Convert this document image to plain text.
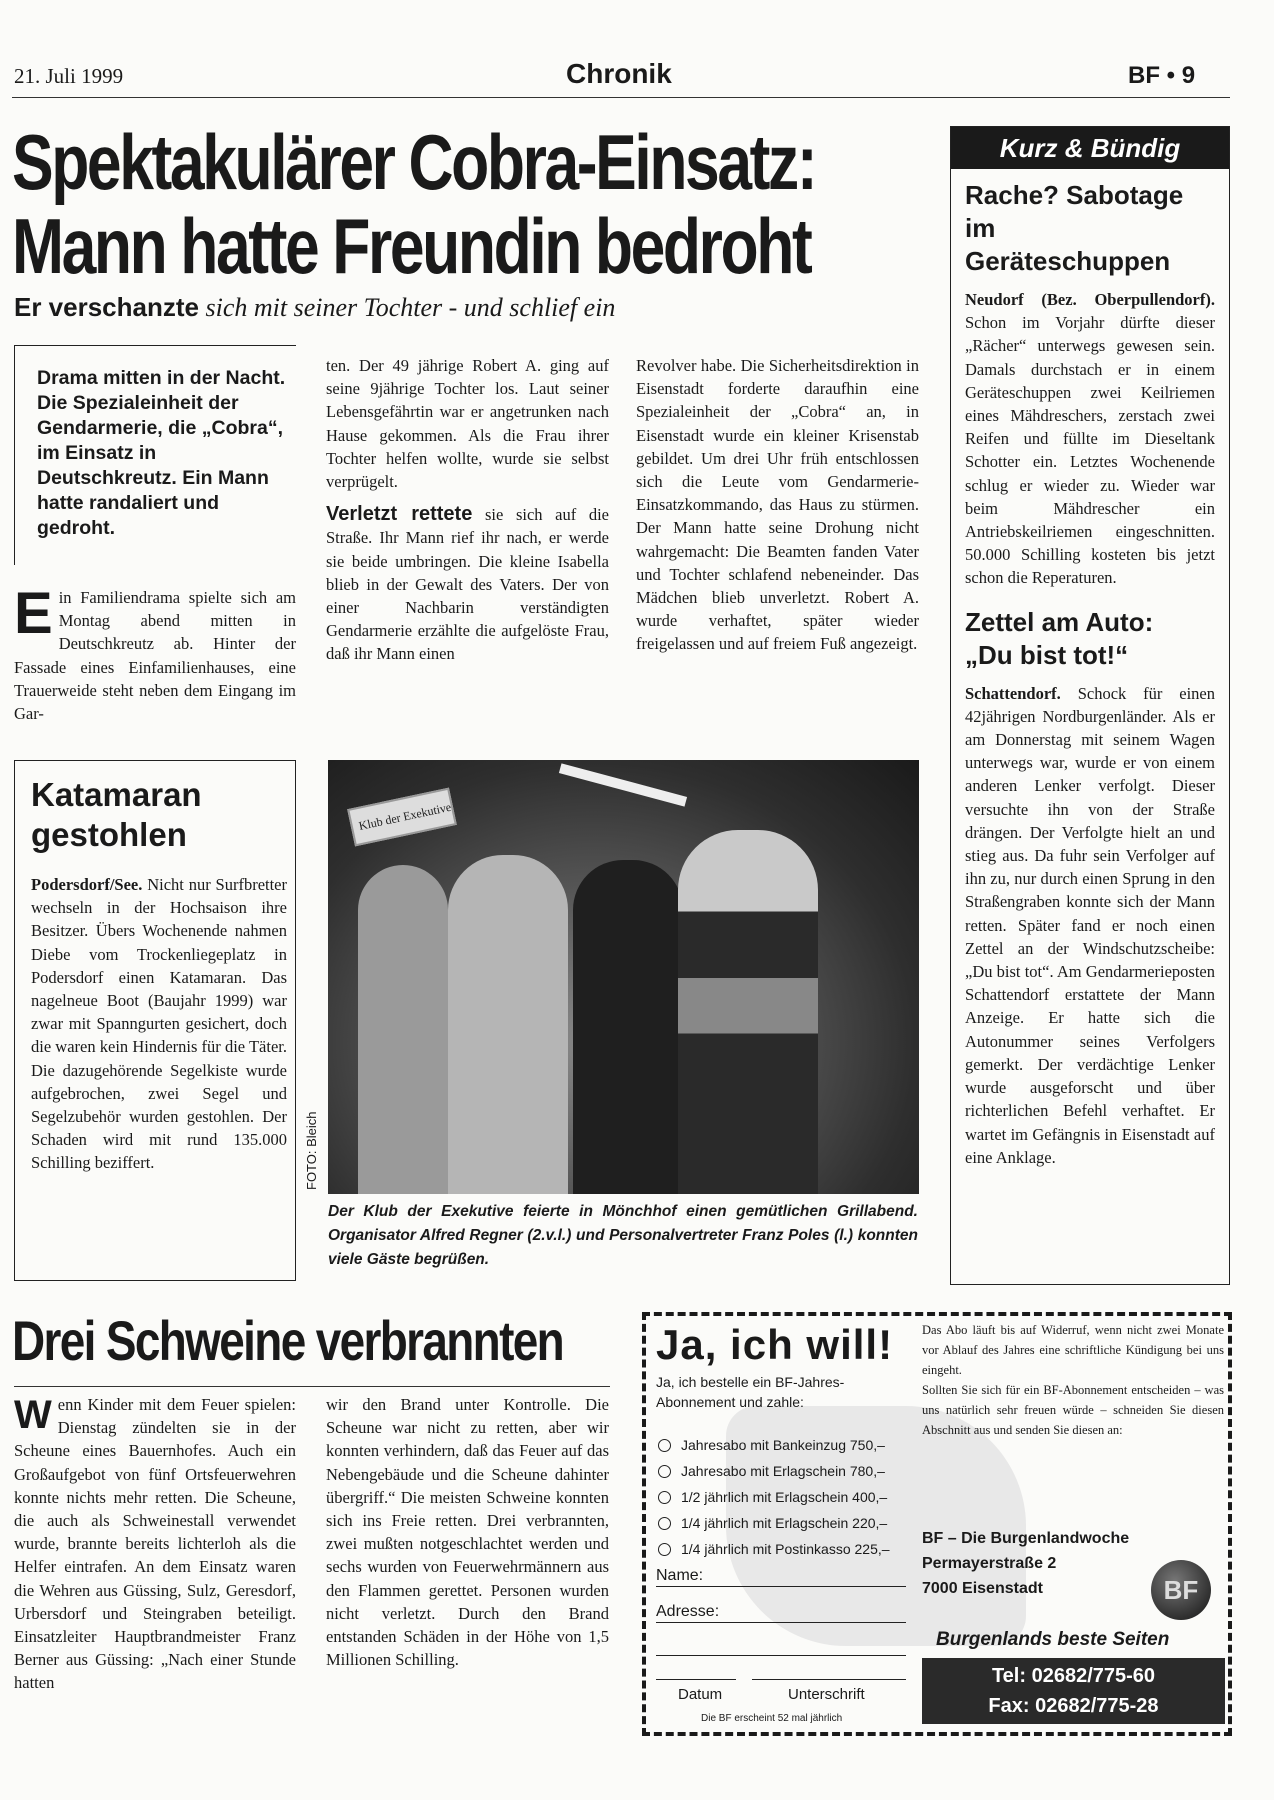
21. Juli 1999	Chronik	BF • 9
Spektakulärer Cobra-Einsatz:
Mann hatte Freundin bedroht
Er verschanzte sich mit seiner Tochter - und schlief ein
Drama mitten in der Nacht. Die Spezialeinheit der Gendarmerie, die „Cobra“, im Einsatz in Deutschkreutz. Ein Mann hatte randaliert und gedroht.
Ein Familiendrama spielte sich am Montag abend mitten in Deutschkreutz ab. Hinter der Fassade eines Einfamilienhauses, eine Trauerweide steht neben dem Eingang im Gar-

ten. Der 49 jährige Robert A. ging auf seine 9jährige Tochter los. Laut seiner Lebensgefährtin war er angetrunken nach Hause gekommen. Als die Frau ihrer Tochter helfen wollte, wurde sie selbst verprügelt.

Verletzt rettete sie sich auf die Straße. Ihr Mann rief ihr nach, er werde sie beide umbringen. Die kleine Isabella blieb in der Gewalt des Vaters. Der von einer Nachbarin verständigten Gendarmerie erzählte die aufgelöste Frau, daß ihr Mann einen

Revolver habe. Die Sicherheitsdirektion in Eisenstadt forderte daraufhin eine Spezialeinheit der „Cobra“ an, in Eisenstadt wurde ein kleiner Krisenstab gebildet. Um drei Uhr früh entschlossen sich die Leute vom Gendarmerie-Einsatzkommando, das Haus zu stürmen. Der Mann hatte seine Drohung nicht wahrgemacht: Die Beamten fanden Vater und Tochter schlafend nebeneinder. Das Mädchen blieb unverletzt. Robert A. wurde verhaftet, später wieder freigelassen und auf freiem Fuß angezeigt.

Klub der Exekutive
FOTO: Bleich
Der Klub der Exekutive feierte in Mönchhof einen gemütlichen Grillabend. Organisator Alfred Regner (2.v.l.) und Personalvertreter Franz Poles (l.) konnten viele Gäste begrüßen.
Katamaran gestohlen
Podersdorf/See. Nicht nur Surfbretter wechseln in der Hochsaison ihre Besitzer. Übers Wochenende nahmen Diebe vom Trockenliegeplatz in Podersdorf einen Katamaran. Das nagelneue Boot (Baujahr 1999) war zwar mit Spanngurten gesichert, doch die waren kein Hindernis für die Täter. Die dazugehörende Segelkiste wurde aufgebrochen, zwei Segel und Segelzubehör wurden gestohlen. Der Schaden wird mit rund 135.000 Schilling beziffert.
Kurz & Bündig
Rache? Sabotage im Geräteschuppen
Neudorf (Bez. Oberpullendorf). Schon im Vorjahr dürfte dieser „Rächer“ unterwegs gewesen sein. Damals durchstach er in einem Geräteschuppen zwei Keilriemen eines Mähdreschers, zerstach zwei Reifen und füllte im Dieseltank Schotter ein. Letztes Wochenende schlug er wieder zu. Wieder war beim Mähdrescher ein Antriebskeilriemen eingeschnitten. 50.000 Schilling kosteten bis jetzt schon die Reperaturen.
Zettel am Auto: „Du bist tot!“
Schattendorf. Schock für einen 42jährigen Nordburgenländer. Als er am Donnerstag mit seinem Wagen unterwegs war, wurde er von einem anderen Lenker verfolgt. Dieser versuchte ihn von der Straße drängen. Der Verfolgte hielt an und stieg aus. Da fuhr sein Verfolger auf ihn zu, nur durch einen Sprung in den Straßengraben konnte sich der Mann retten. Später fand er noch einen Zettel an der Windschutzscheibe: „Du bist tot“. Am Gendarmerieposten Schattendorf erstattete der Mann Anzeige. Er hatte sich die Autonummer seines Verfolgers gemerkt. Der verdächtige Lenker wurde ausgeforscht und über richterlichen Befehl verhaftet. Er wartet im Gefängnis in Eisenstadt auf eine Anklage.
Drei Schweine verbrannten
Wenn Kinder mit dem Feuer spielen: Dienstag zündelten sie in der Scheune eines Bauernhofes. Auch ein Großaufgebot von fünf Ortsfeuerwehren konnte nichts mehr retten. Die Scheune, die auch als Schweinestall verwendet wurde, brannte bereits lichterloh als die Helfer eintrafen. An dem Einsatz waren die Wehren aus Güssing, Sulz, Geresdorf, Urbersdorf und Steingraben beteiligt. Einsatzleiter Hauptbrandmeister Franz Berner aus Güssing: „Nach einer Stunde hatten

wir den Brand unter Kontrolle. Die Scheune war nicht zu retten, aber wir konnten verhindern, daß das Feuer auf das Nebengebäude und die Scheune dahinter übergriff.“ Die meisten Schweine konnten sich ins Freie retten. Drei verbrannten, zwei mußten notgeschlachtet werden und sechs wurden von Feuerwehrmännern aus den Flammen gerettet. Personen wurden nicht verletzt. Durch den Brand entstanden Schäden in der Höhe von 1,5 Millionen Schilling.

Ja, ich will!
Ja, ich bestelle ein BF-Jahres-Abonnement und zahle:
Jahresabo mit Bankeinzug 750,–
Jahresabo mit Erlagschein 780,–
1/2 jährlich mit Erlagschein 400,–
1/4 jährlich mit Erlagschein 220,–
1/4 jährlich mit Postinkasso 225,–
Name:
Adresse:
Datum	Unterschrift
Die BF erscheint 52 mal jährlich

Das Abo läuft bis auf Widerruf, wenn nicht zwei Monate vor Ablauf des Jahres eine schriftliche Kündigung bei uns eingeht.

Sollten Sie sich für ein BF-Abonnement entscheiden – was uns natürlich sehr freuen würde – schneiden Sie diesen Abschnitt aus und senden Sie diesen an:

BF – Die Burgenlandwoche
Permayerstraße 2
7000 Eisenstadt	BF
Burgenlands beste Seiten
Tel: 02682/775-60
Fax: 02682/775-28
